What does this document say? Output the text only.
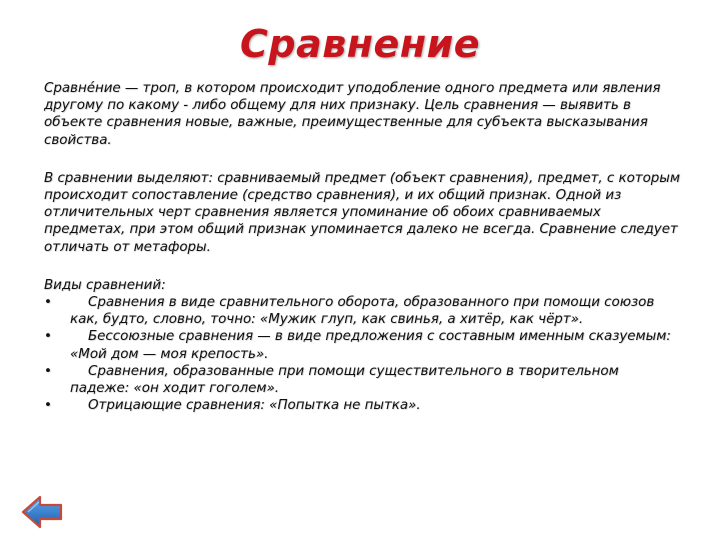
Сравнение

Сравне́ние — троп, в котором происходит уподобление одного предмета или явления другому по какому - либо общему для них признаку. Цель сравнения — выявить в объекте сравнения новые, важные, преимущественные для субъекта высказывания свойства.

В сравнении выделяют: сравниваемый предмет (объект сравнения), предмет, с которым происходит сопоставление (средство сравнения), и их общий признак. Одной из отличительных черт сравнения является упоминание об обоих сравниваемых предметах, при этом общий признак упоминается далеко не всегда. Сравнение следует отличать от метафоры.

Виды сравнений:

•	Сравнения в виде сравнительного оборота, образованного при помощи союзов как, будто, словно, точно: «Мужик глуп, как свинья, а хитёр, как чёрт».
•	Бессоюзные сравнения — в виде предложения с составным именным сказуемым: «Мой дом — моя крепость».
•	Сравнения, образованные при помощи существительного в творительном падеже: «он ходит гоголем».
•	Отрицающие сравнения: «Попытка не пытка».
